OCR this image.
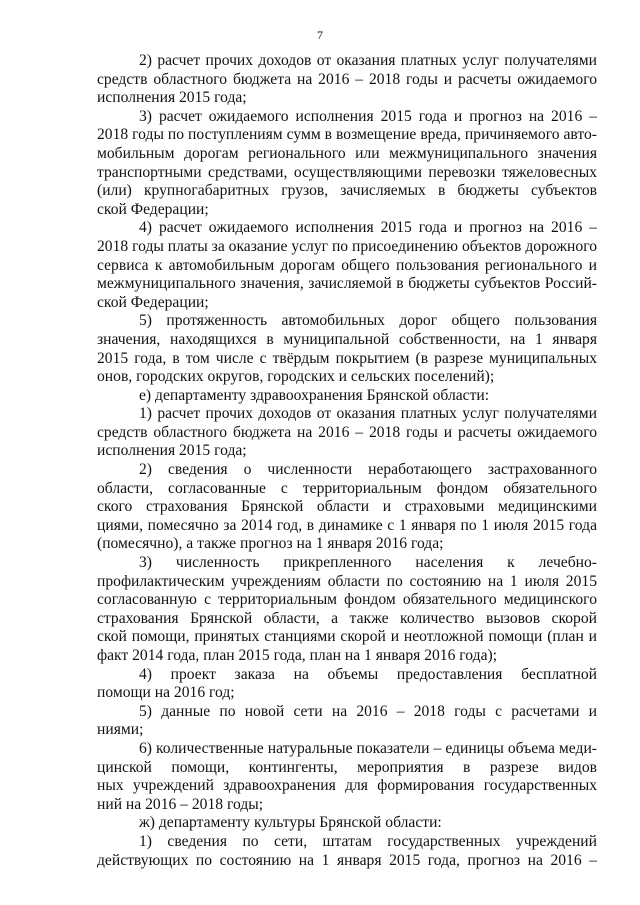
7
2) расчет прочих доходов от оказания платных услуг получателями
средств областного бюджета на 2016 – 2018 годы и расчеты ожидаемого
исполнения 2015 года;
3) расчет ожидаемого исполнения 2015 года и прогноз на 2016 –
2018 годы по поступлениям сумм в возмещение вреда, причиняемого авто-
мобильным дорогам регионального или межмуниципального значения
транспортными средствами, осуществляющими перевозки тяжеловесных
(или) крупногабаритных грузов, зачисляемых в бюджеты субъектов
ской Федерации;
4) расчет ожидаемого исполнения 2015 года и прогноз на 2016 –
2018 годы платы за оказание услуг по присоединению объектов дорожного
сервиса к автомобильным дорогам общего пользования регионального и
межмуниципального значения, зачисляемой в бюджеты субъектов Россий-
ской Федерации;
5) протяженность автомобильных дорог общего пользования
значения, находящихся в муниципальной собственности, на 1 января
2015 года, в том числе с твёрдым покрытием (в разрезе муниципальных
онов, городских округов, городских и сельских поселений);
е) департаменту здравоохранения Брянской области:
1) расчет прочих доходов от оказания платных услуг получателями
средств областного бюджета на 2016 – 2018 годы и расчеты ожидаемого
исполнения 2015 года;
2) сведения о численности неработающего застрахованного
области, согласованные с территориальным фондом обязательного
ского страхования Брянской области и страховыми медицинскими
циями, помесячно за 2014 год, в динамике с 1 января по 1 июля 2015 года
(помесячно), а также прогноз на 1 января 2016 года;
3) численность прикрепленного населения к лечебно-
профилактическим учреждениям области по состоянию на 1 июля 2015
согласованную с территориальным фондом обязательного медицинского
страхования Брянской области, а также количество вызовов скорой
ской помощи, принятых станциями скорой и неотложной помощи (план и
факт 2014 года, план 2015 года, план на 1 января 2016 года);
4) проект заказа на объемы предоставления бесплатной
помощи на 2016 год;
5) данные по новой сети на 2016 – 2018 годы с расчетами и
ниями;
6) количественные натуральные показатели – единицы объема меди-
цинской помощи, контингенты, мероприятия в разрезе видов
ных учреждений здравоохранения для формирования государственных
ний на 2016 – 2018 годы;
ж) департаменту культуры Брянской области:
1) сведения по сети, штатам государственных учреждений
действующих по состоянию на 1 января 2015 года, прогноз на 2016 –
